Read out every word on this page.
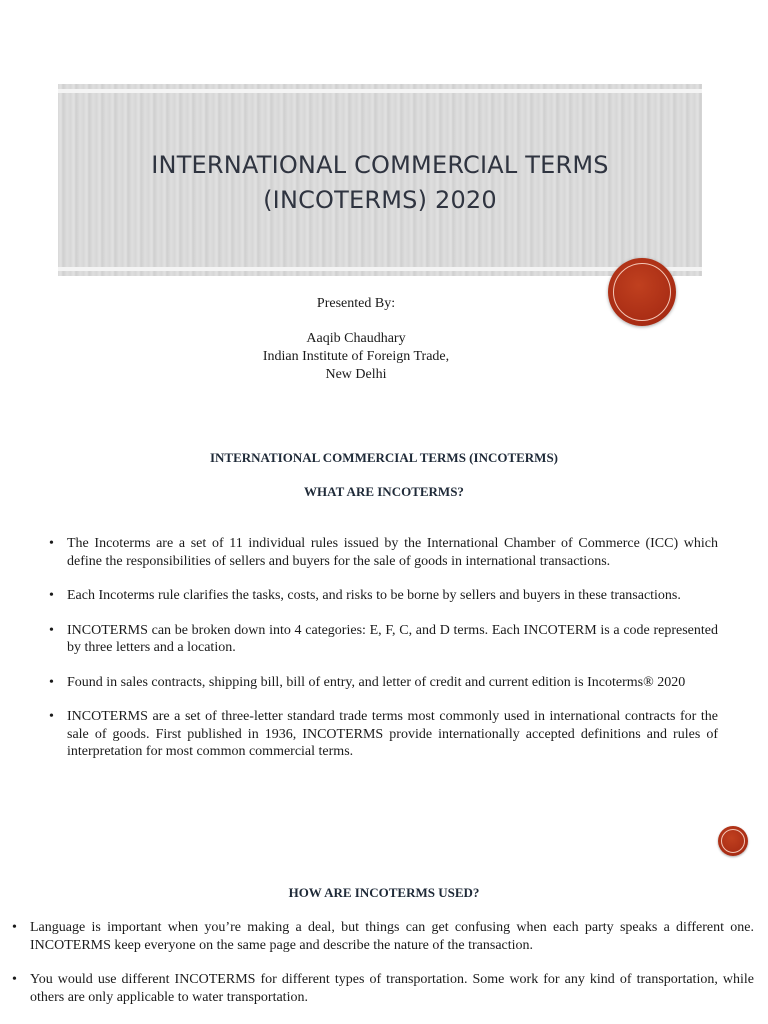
INTERNATIONAL COMMERCIAL TERMS
(INCOTERMS) 2020
Presented By:
Aaqib Chaudhary
Indian Institute of Foreign Trade,
New Delhi
INTERNATIONAL COMMERCIAL TERMS (INCOTERMS)
WHAT ARE INCOTERMS?
• The Incoterms are a set of 11 individual rules issued by the International Chamber of Commerce (ICC) which define the responsibilities of sellers and buyers for the sale of goods in international transactions.
• Each Incoterms rule clarifies the tasks, costs, and risks to be borne by sellers and buyers in these transactions.
• INCOTERMS can be broken down into 4 categories: E, F, C, and D terms. Each INCOTERM is a code represented by three letters and a location.
• Found in sales contracts, shipping bill, bill of entry, and letter of credit and current edition is Incoterms® 2020
• INCOTERMS are a set of three-letter standard trade terms most commonly used in international contracts for the sale of goods. First published in 1936, INCOTERMS provide internationally accepted definitions and rules of interpretation for most common commercial terms.
HOW ARE INCOTERMS USED?
• Language is important when you’re making a deal, but things can get confusing when each party speaks a different one. INCOTERMS keep everyone on the same page and describe the nature of the transaction.
• You would use different INCOTERMS for different types of transportation. Some work for any kind of transportation, while others are only applicable to water transportation.
